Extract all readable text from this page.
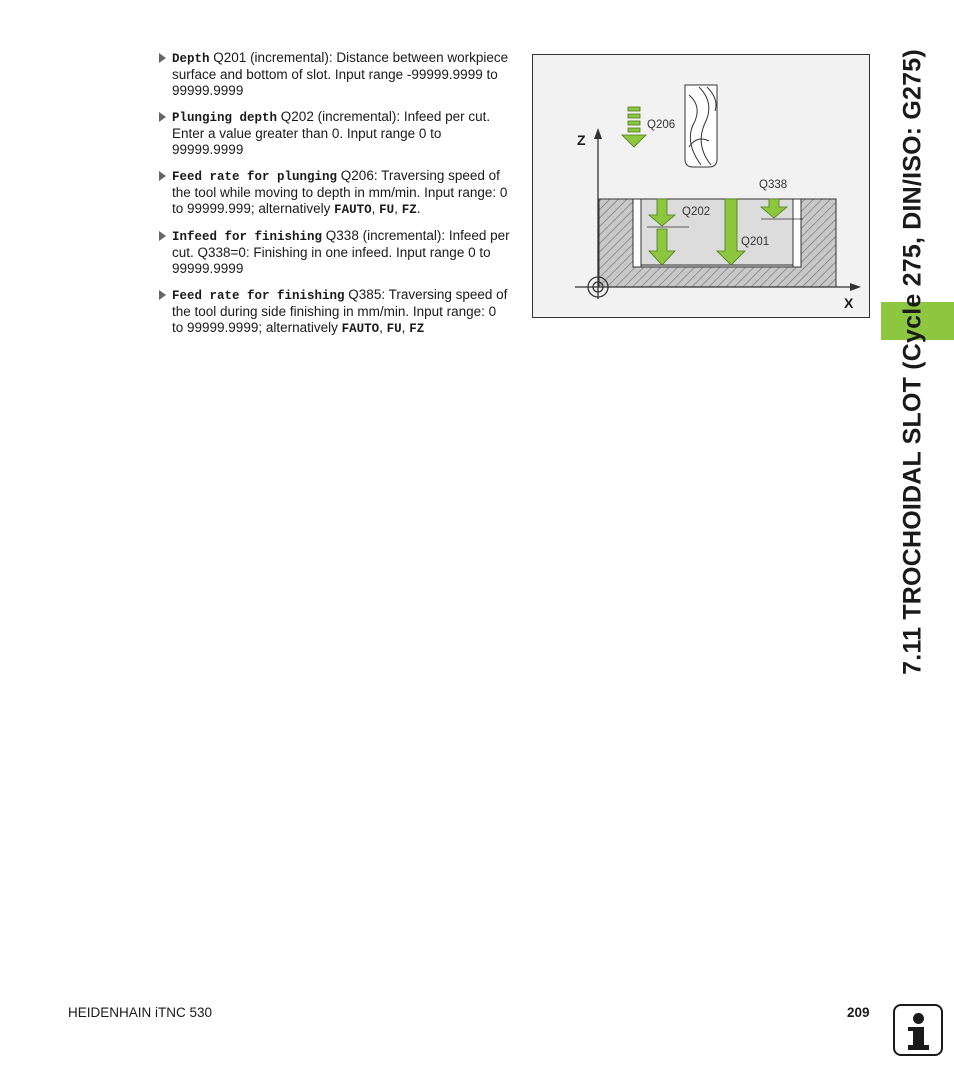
Depth Q201 (incremental): Distance between workpiece surface and bottom of slot. Input range -99999.9999 to 99999.9999
Plunging depth Q202 (incremental): Infeed per cut. Enter a value greater than 0. Input range 0 to 99999.9999
Feed rate for plunging Q206: Traversing speed of the tool while moving to depth in mm/min. Input range: 0 to 99999.999; alternatively FAUTO, FU, FZ.
Infeed for finishing Q338 (incremental): Infeed per cut. Q338=0: Finishing in one infeed. Input range 0 to 99999.9999
Feed rate for finishing Q385: Traversing speed of the tool during side finishing in mm/min. Input range: 0 to 99999.9999; alternatively FAUTO, FU, FZ
Z
X
Q206
Q338
Q202
Q201	7.11 TROCHOIDAL SLOT (Cycle 275, DIN/ISO: G275)
HEIDENHAIN iTNC 530	209
